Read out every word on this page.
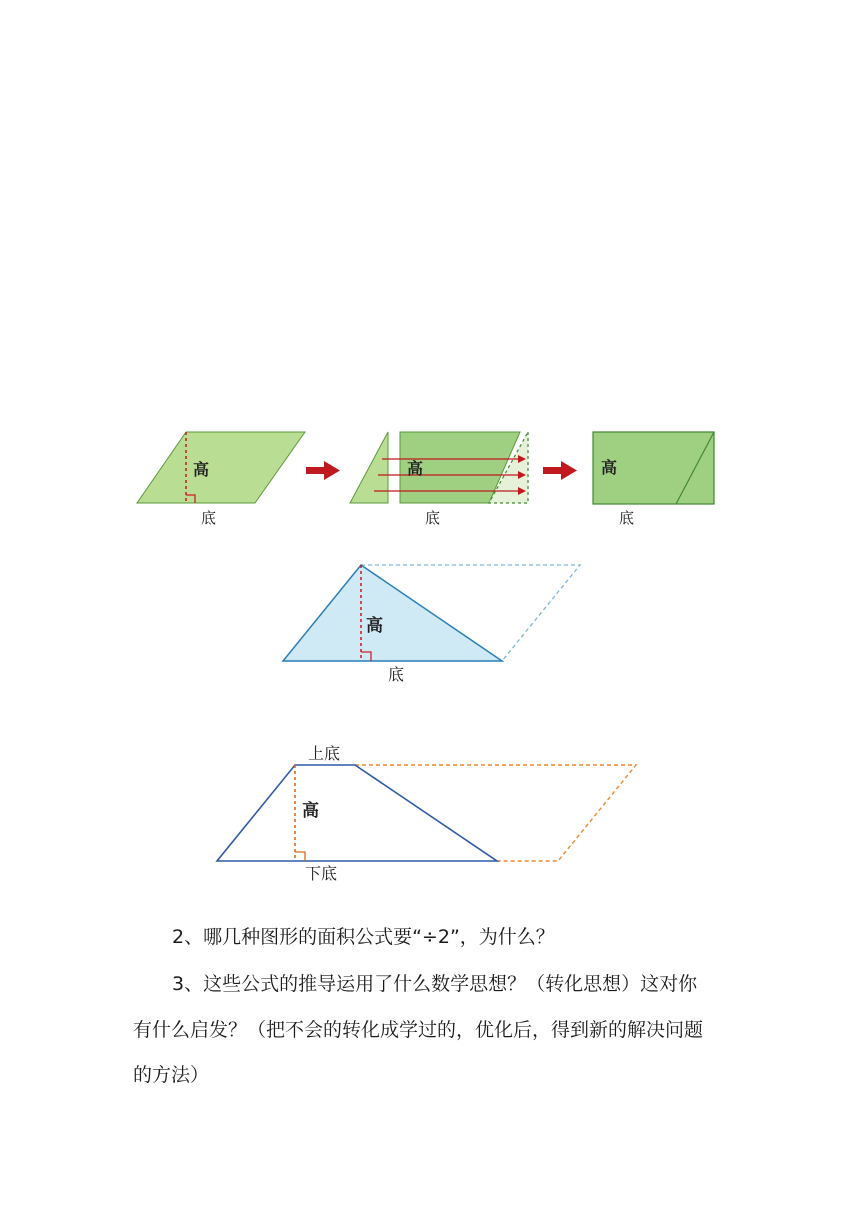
高
底
高
底
高
底
高
底
上底
高
下底

2、哪几种图形的面积公式要“÷2”，为什么？

3、这些公式的推导运用了什么数学思想？（转化思想）这对你

有什么启发？（把不会的转化成学过的，优化后，得到新的解决问题

的方法）
